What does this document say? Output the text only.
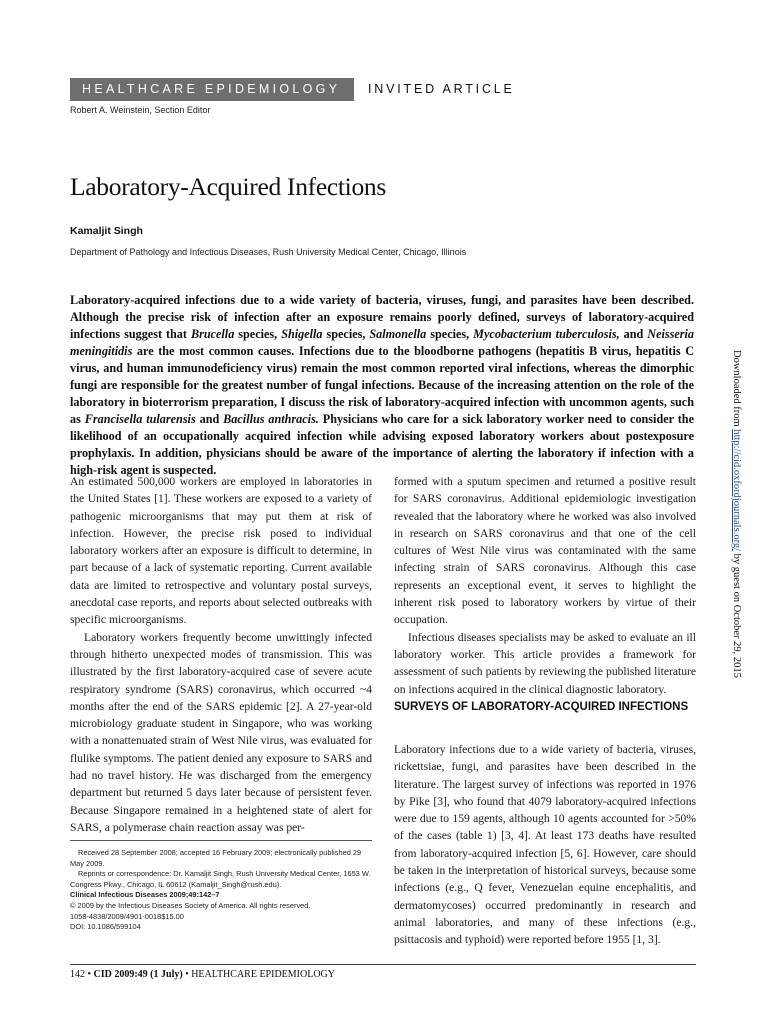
HEALTHCARE EPIDEMIOLOGY	INVITED ARTICLE
Robert A. Weinstein, Section Editor
Laboratory-Acquired Infections
Kamaljit Singh
Department of Pathology and Infectious Diseases, Rush University Medical Center, Chicago, Illinois
Laboratory-acquired infections due to a wide variety of bacteria, viruses, fungi, and parasites have been described. Although the precise risk of infection after an exposure remains poorly defined, surveys of laboratory-acquired infections suggest that Brucella species, Shigella species, Salmonella species, Mycobacterium tuberculosis, and Neisseria meningitidis are the most common causes. Infections due to the bloodborne pathogens (hepatitis B virus, hepatitis C virus, and human immunodeficiency virus) remain the most common reported viral infections, whereas the dimorphic fungi are responsible for the greatest number of fungal infections. Because of the increasing attention on the role of the laboratory in bioterrorism preparation, I discuss the risk of laboratory-acquired infection with uncommon agents, such as Francisella tularensis and Bacillus anthracis. Physicians who care for a sick laboratory worker need to consider the likelihood of an occupationally acquired infection while advising exposed laboratory workers about postexposure prophylaxis. In addition, physicians should be aware of the importance of alerting the laboratory if infection with a high-risk agent is suspected.

An estimated 500,000 workers are employed in laboratories in the United States [1]. These workers are exposed to a variety of pathogenic microorganisms that may put them at risk of infection. However, the precise risk posed to individual laboratory workers after an exposure is difficult to determine, in part because of a lack of systematic reporting. Current available data are limited to retrospective and voluntary postal surveys, anecdotal case reports, and reports about selected outbreaks with specific microorganisms.

Laboratory workers frequently become unwittingly infected through hitherto unexpected modes of transmission. This was illustrated by the first laboratory-acquired case of severe acute respiratory syndrome (SARS) coronavirus, which occurred ~4 months after the end of the SARS epidemic [2]. A 27-year-old microbiology graduate student in Singapore, who was working with a nonattenuated strain of West Nile virus, was evaluated for flulike symptoms. The patient denied any exposure to SARS and had no travel history. He was discharged from the emergency department but returned 5 days later because of persistent fever. Because Singapore remained in a heightened state of alert for SARS, a polymerase chain reaction assay was per-

formed with a sputum specimen and returned a positive result for SARS coronavirus. Additional epidemiologic investigation revealed that the laboratory where he worked was also involved in research on SARS coronavirus and that one of the cell cultures of West Nile virus was contaminated with the same infecting strain of SARS coronavirus. Although this case represents an exceptional event, it serves to highlight the inherent risk posed to laboratory workers by virtue of their occupation.

Infectious diseases specialists may be asked to evaluate an ill laboratory worker. This article provides a framework for assessment of such patients by reviewing the published literature on infections acquired in the clinical diagnostic laboratory.

SURVEYS OF LABORATORY-ACQUIRED INFECTIONS

Laboratory infections due to a wide variety of bacteria, viruses, rickettsiae, fungi, and parasites have been described in the literature. The largest survey of infections was reported in 1976 by Pike [3], who found that 4079 laboratory-acquired infections were due to 159 agents, although 10 agents accounted for >50% of the cases (table 1) [3, 4]. At least 173 deaths have resulted from laboratory-acquired infection [5, 6]. However, care should be taken in the interpretation of historical surveys, because some infections (e.g., Q fever, Venezuelan equine encephalitis, and dermatomycoses) occurred predominantly in research and animal laboratories, and many of these infections (e.g., psittacosis and typhoid) were reported before 1955 [1, 3].

Received 28 September 2008; accepted 16 February 2009; electronically published 29 May 2009.

Reprints or correspondence: Dr. Kamaljit Singh, Rush University Medical Center, 1653 W. Congress Pkwy., Chicago, IL 60612 (Kamaljit_Singh@rush.edu).

Clinical Infectious Diseases 2009;49:142–7

© 2009 by the Infectious Diseases Society of America. All rights reserved.

1058-4838/2009/4901-0018$15.00

DOI: 10.1086/599104

142 • CID 2009:49 (1 July) • HEALTHCARE EPIDEMIOLOGY
Downloaded from http://cid.oxfordjournals.org/ by guest on October 29, 2015
